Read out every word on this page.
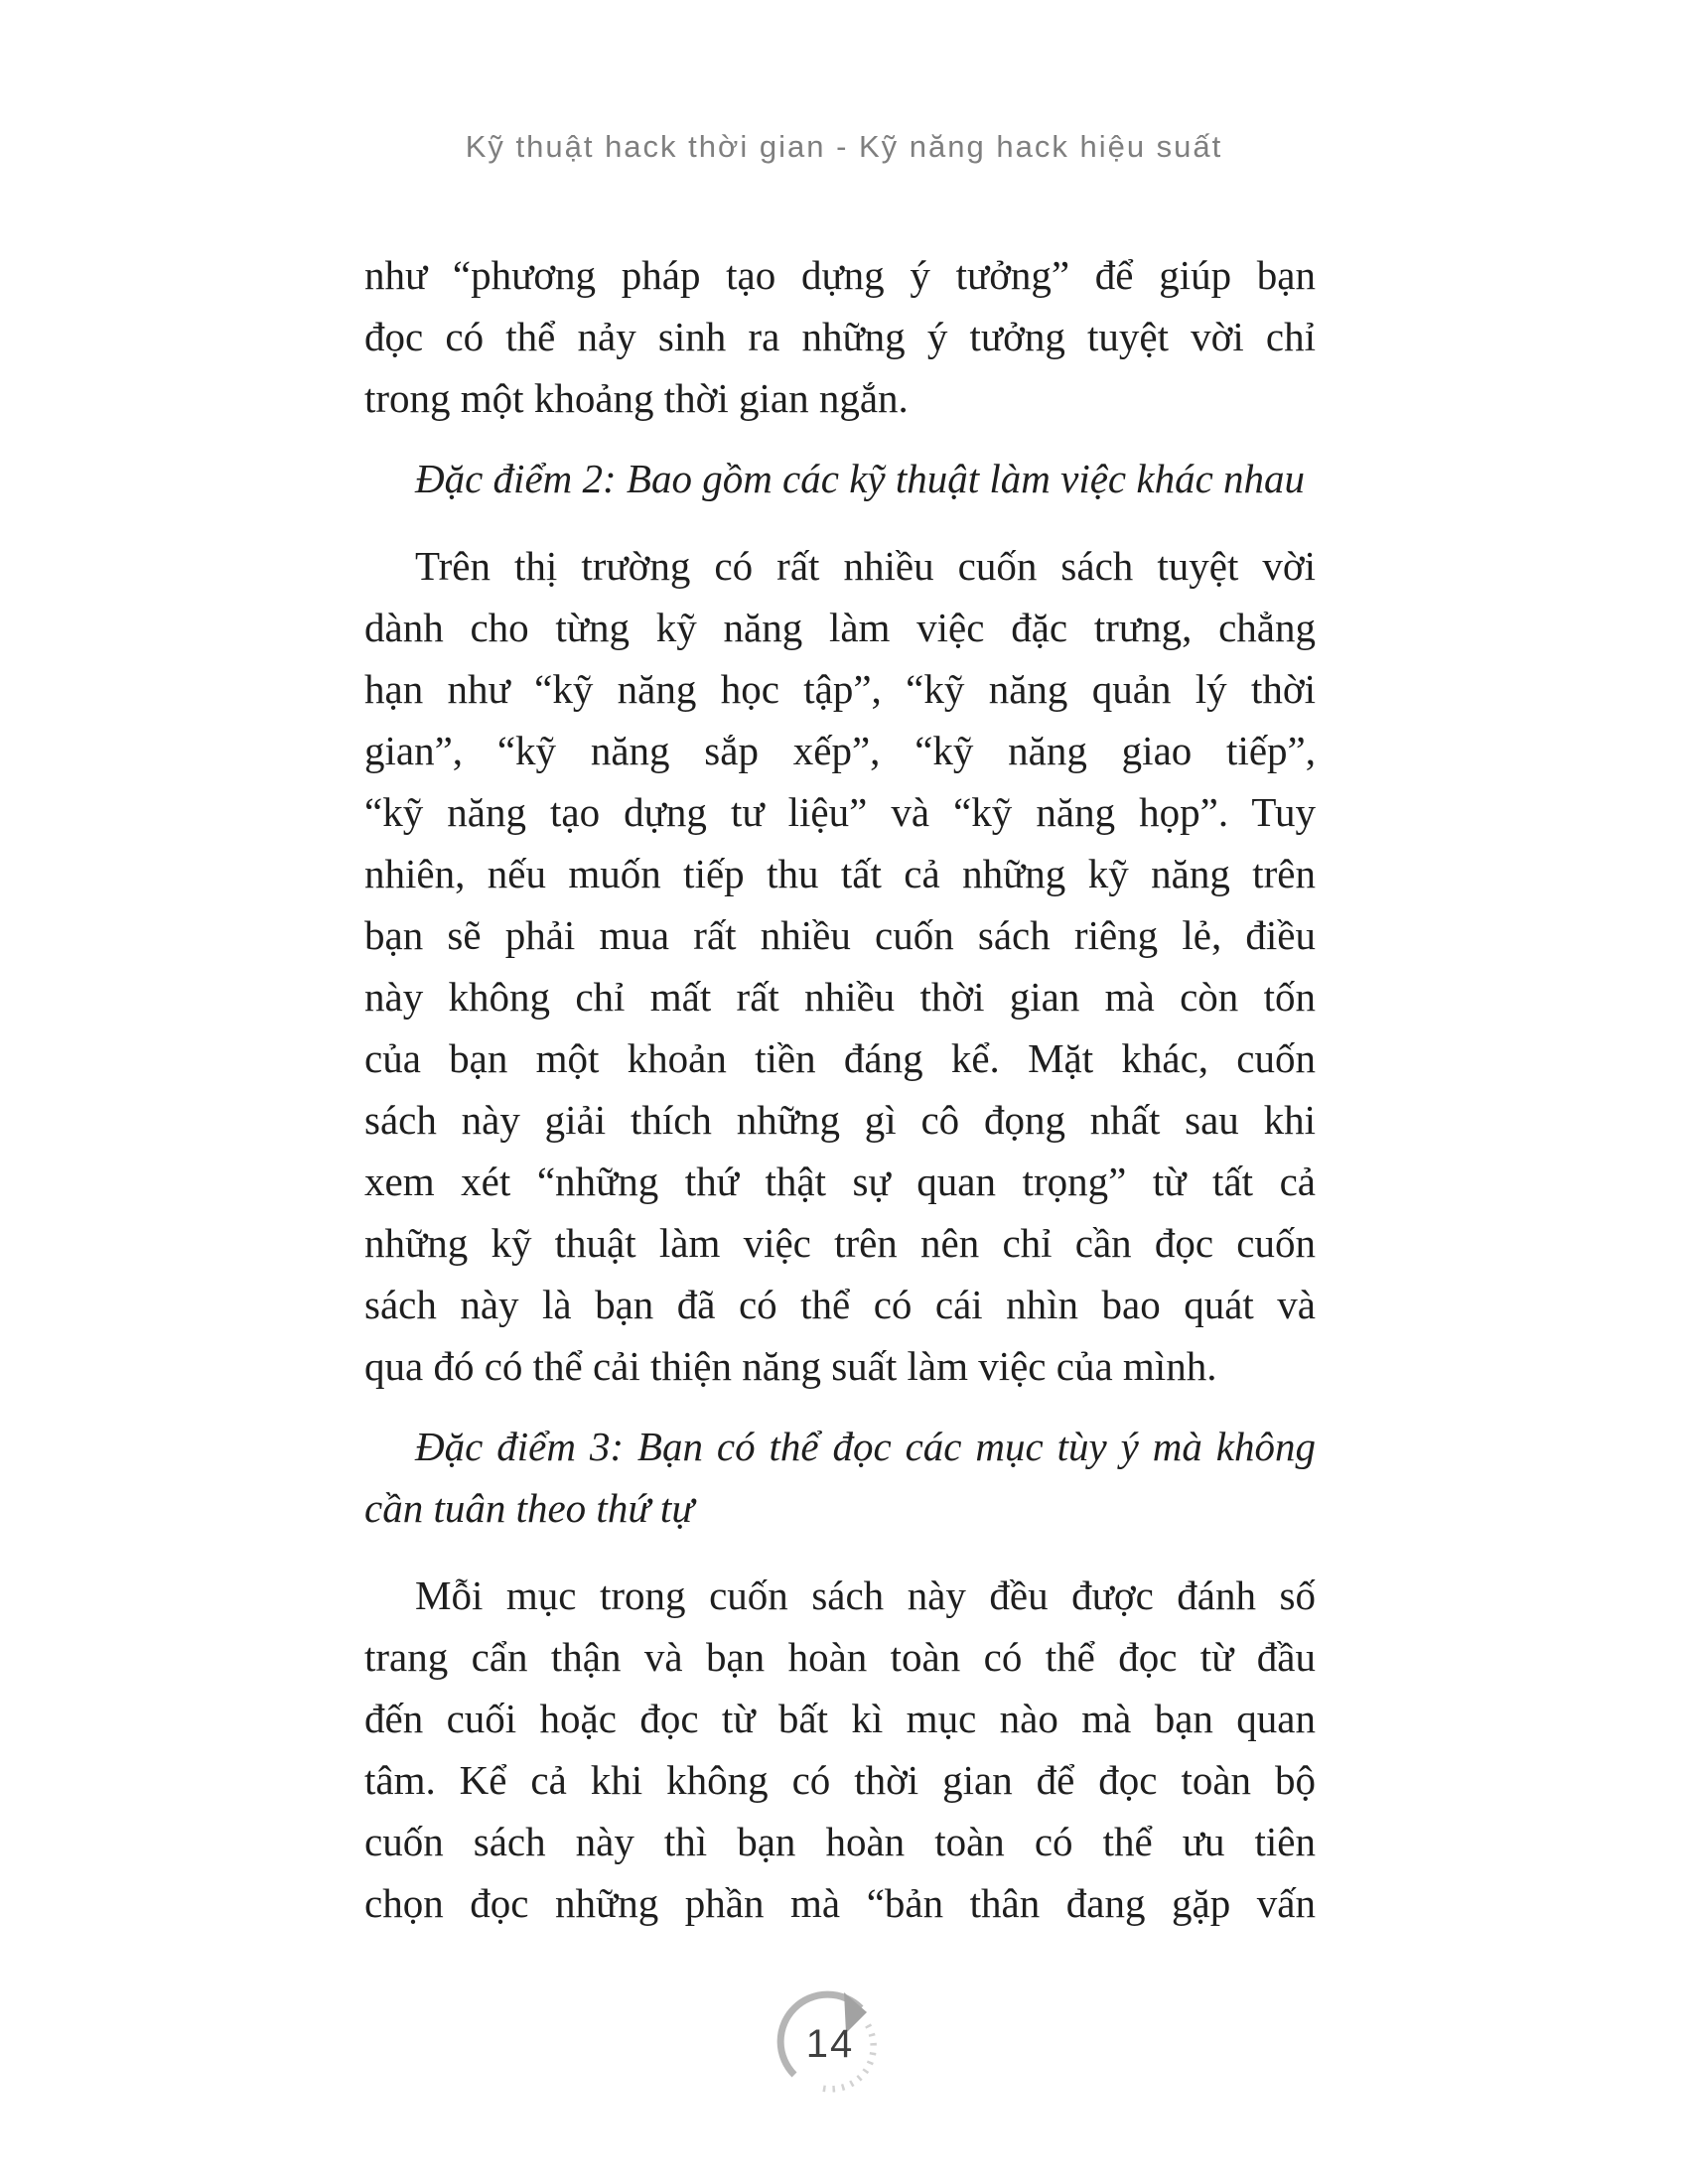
Kỹ thuật hack thời gian - Kỹ năng hack hiệu suất
như “phương pháp tạo dựng ý tưởng” để giúp bạn
đọc có thể nảy sinh ra những ý tưởng tuyệt vời chỉ
trong một khoảng thời gian ngắn.
Đặc điểm 2: Bao gồm các kỹ thuật làm việc khác nhau
Trên thị trường có rất nhiều cuốn sách tuyệt vời
dành cho từng kỹ năng làm việc đặc trưng, chẳng
hạn như “kỹ năng học tập”, “kỹ năng quản lý thời
gian”, “kỹ năng sắp xếp”, “kỹ năng giao tiếp”,
“kỹ năng tạo dựng tư liệu” và “kỹ năng họp”. Tuy
nhiên, nếu muốn tiếp thu tất cả những kỹ năng trên
bạn sẽ phải mua rất nhiều cuốn sách riêng lẻ, điều
này không chỉ mất rất nhiều thời gian mà còn tốn
của bạn một khoản tiền đáng kể. Mặt khác, cuốn
sách này giải thích những gì cô đọng nhất sau khi
xem xét “những thứ thật sự quan trọng” từ tất cả
những kỹ thuật làm việc trên nên chỉ cần đọc cuốn
sách này là bạn đã có thể có cái nhìn bao quát và
qua đó có thể cải thiện năng suất làm việc của mình.
Đặc điểm 3: Bạn có thể đọc các mục tùy ý mà không
cần tuân theo thứ tự
Mỗi mục trong cuốn sách này đều được đánh số
trang cẩn thận và bạn hoàn toàn có thể đọc từ đầu
đến cuối hoặc đọc từ bất kì mục nào mà bạn quan
tâm. Kể cả khi không có thời gian để đọc toàn bộ
cuốn sách này thì bạn hoàn toàn có thể ưu tiên
chọn đọc những phần mà “bản thân đang gặp vấn
14
